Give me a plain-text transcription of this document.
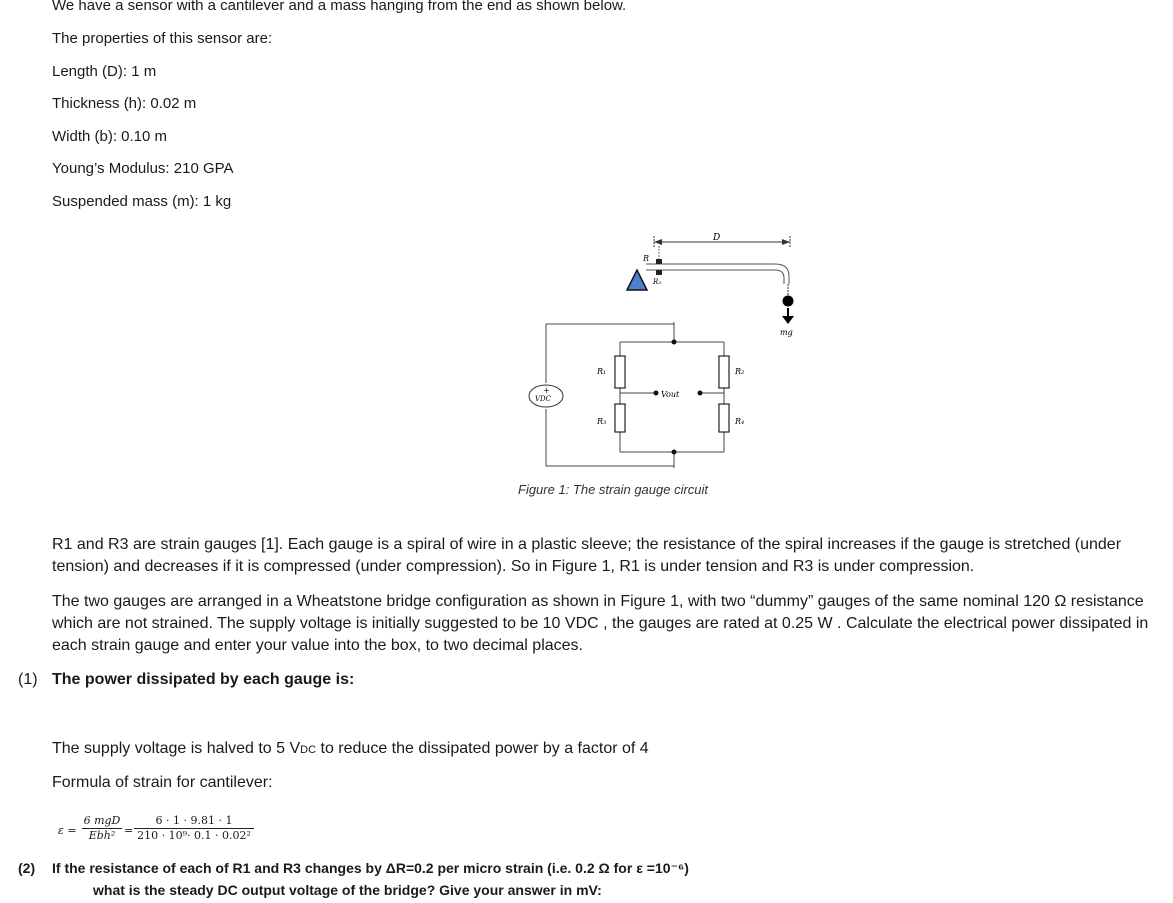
We have a sensor with a cantilever and a mass hanging from the end as shown below.
The properties of this sensor are:
Length (D): 1 m
Thickness (h): 0.02 m
Width (b): 0.10 m
Young’s Modulus: 210 GPA
Suspended mass (m): 1 kg
D
R
R₃
mg
R₁
R₃
R₂
R₄
Vout
+
VDC
Figure 1: The strain gauge circuit
R1 and R3 are strain gauges [1]. Each gauge is a spiral of wire in a plastic sleeve; the resistance of the spiral increases if the gauge is stretched (under tension) and decreases if it is compressed (under compression). So in Figure 1, R1 is under tension and R3 is under compression.
The two gauges are arranged in a Wheatstone bridge configuration as shown in Figure 1, with two “dummy” gauges of the same nominal 120 Ω resistance which are not strained. The supply voltage is initially suggested to be 10 VDC , the gauges are rated at 0.25 W . Calculate the electrical power dissipated in each strain gauge and enter your value into the box, to two decimal places.
(1) The power dissipated by each gauge is:
The supply voltage is halved to 5 VDC to reduce the dissipated power by a factor of 4
Formula of strain for cantilever:
ε =
6 mgD
$Ebh^2 = \frac{6 \cdot 1 \cdot 9.81 \cdot 1}{\text{210 · 10⁹· 0.1 · 0.02²}}$
(2) If the resistance of each of R1 and R3 changes by ΔR=0.2 per micro strain (i.e. 0.2 Ω for ε =10⁻⁶)
what is the steady DC output voltage of the bridge? Give your answer in mV:
